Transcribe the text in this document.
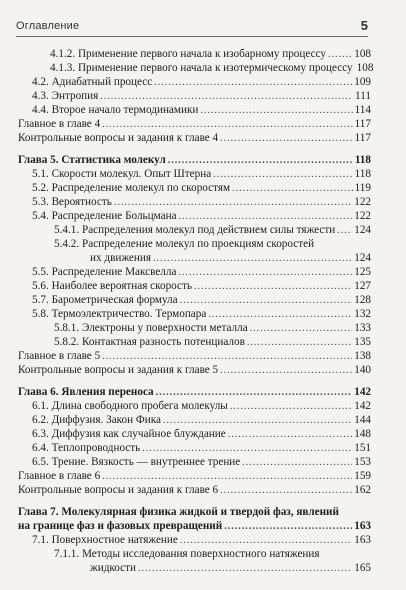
Оглавление	5
4.1.2. Применение первого начала к изобарному процессу .....	108
4.1.3. Применение первого начала к изотермическому процессу 108
4.2. Адиабатный процесс .....	109
4.3. Энтропия .....	111
4.4. Второе начало термодинамики .....	114
Главное в главе 4 .....	117
Контрольные вопросы и задания к главе 4 .....	117
Глава 5. Статистика молекул .....	118
5.1. Скорости молекул. Опыт Штерна .....	118
5.2. Распределение молекул по скоростям .....	119
5.3. Вероятность .....	122
5.4. Распределение Больцмана .....	122
5.4.1. Распределения молекул под действием силы тяжести ..... 124
5.4.2. Распределение молекул по проекциям скоростей
их движения .....	124
5.5. Распределение Максвелла .....	125
5.6. Наиболее вероятная скорость .....	127
5.7. Барометрическая формула .....	128
5.8. Термоэлектричество. Термопара .....	132
5.8.1. Электроны у поверхности металла .....	133
5.8.2. Контактная разность потенциалов .....	135
Главное в главе 5 .....	138
Контрольные вопросы и задания к главе 5 .....	140
Глава 6. Явления переноса .....	142
6.1. Длина свободного пробега молекулы .....	142
6.2. Диффузия. Закон Фика .....	144
6.3. Диффузия как случайное блуждание .....	148
6.4. Теплопроводность .....	151
6.5. Трение. Вязкость — внутреннее трение .....	153
Главное в главе 6 .....	159
Контрольные вопросы и задания к главе 6 .....	162
Глава 7. Молекулярная физика жидкой и твердой фаз, явлений
на границе фаз и фазовых превращений .....	163
7.1. Поверхностное натяжение .....	163
7.1.1. Методы исследования поверхностного натяжения
жидкости .....	165
